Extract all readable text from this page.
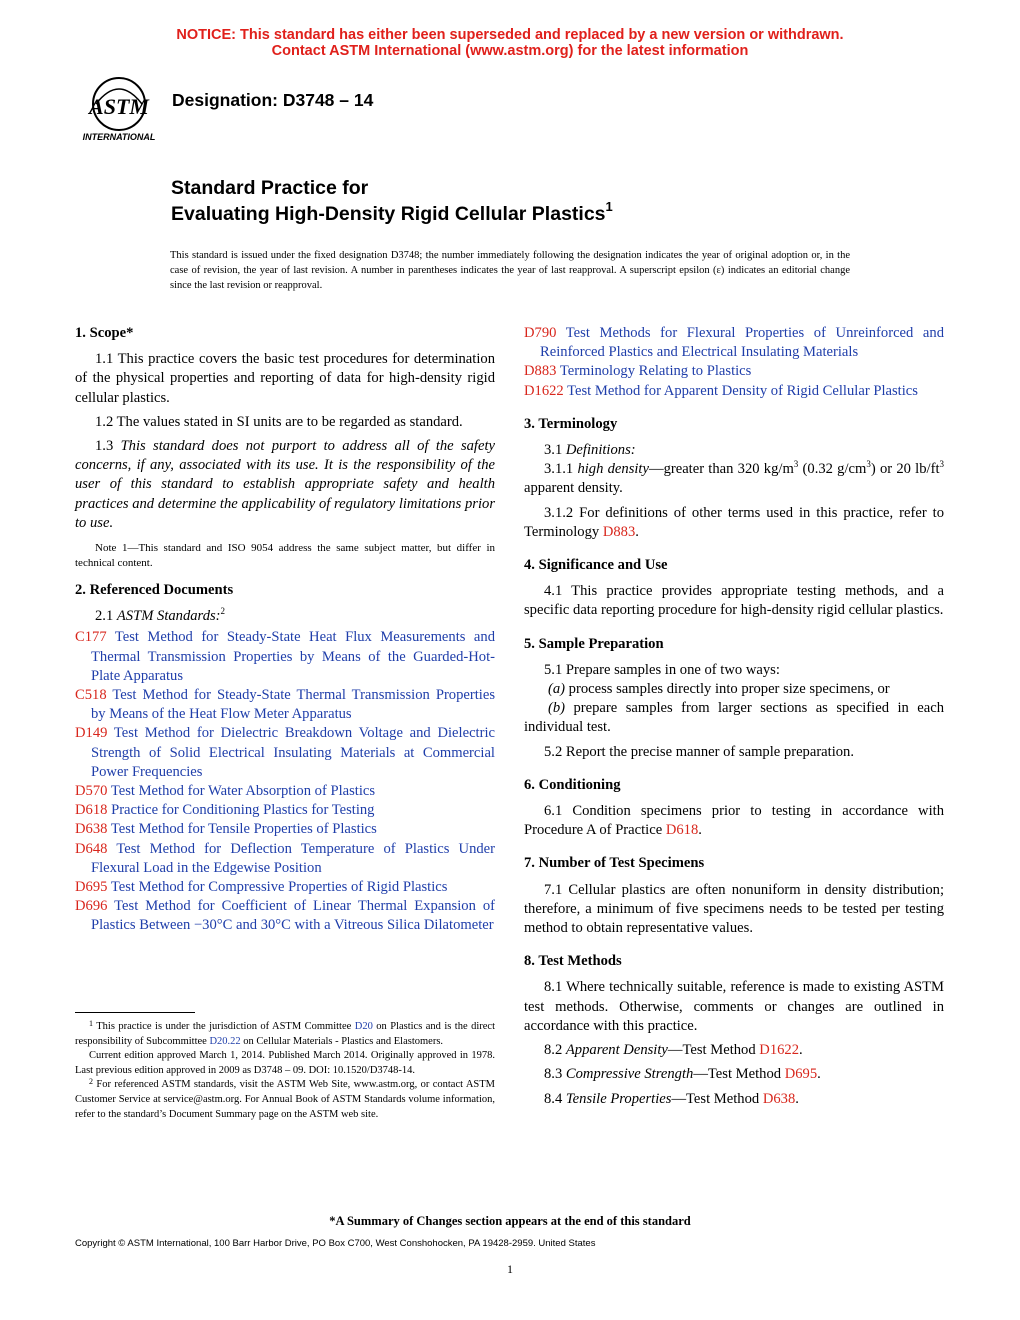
NOTICE: This standard has either been superseded and replaced by a new version or withdrawn.
Contact ASTM International (www.astm.org) for the latest information
ASTM
INTERNATIONAL
Designation: D3748 – 14
Standard Practice for
Evaluating High-Density Rigid Cellular Plastics$^1$
This standard is issued under the fixed designation D3748; the number immediately following the designation indicates the year of original adoption or, in the case of revision, the year of last revision. A number in parentheses indicates the year of last reapproval. A superscript epsilon (ε) indicates an editorial change since the last revision or reapproval.
1. Scope*
1.1 This practice covers the basic test procedures for determination of the physical properties and reporting of data for high-density rigid cellular plastics.
1.2 The values stated in SI units are to be regarded as standard.
1.3 This standard does not purport to address all of the safety concerns, if any, associated with its use. It is the responsibility of the user of this standard to establish appropriate safety and health practices and determine the applicability of regulatory limitations prior to use.
Note 1—This standard and ISO 9054 address the same subject matter, but differ in technical content.
2. Referenced Documents
2.1 ASTM Standards:$^2$
C177 Test Method for Steady-State Heat Flux Measurements and Thermal Transmission Properties by Means of the Guarded-Hot-Plate Apparatus
C518 Test Method for Steady-State Thermal Transmission Properties by Means of the Heat Flow Meter Apparatus
D149 Test Method for Dielectric Breakdown Voltage and Dielectric Strength of Solid Electrical Insulating Materials at Commercial Power Frequencies
D570 Test Method for Water Absorption of Plastics
D618 Practice for Conditioning Plastics for Testing
D638 Test Method for Tensile Properties of Plastics
D648 Test Method for Deflection Temperature of Plastics Under Flexural Load in the Edgewise Position
D695 Test Method for Compressive Properties of Rigid Plastics
D696 Test Method for Coefficient of Linear Thermal Expansion of Plastics Between −30°C and 30°C with a Vitreous Silica Dilatometer
$^1$ This practice is under the jurisdiction of ASTM Committee D20 on Plastics and is the direct responsibility of Subcommittee D20.22 on Cellular Materials - Plastics and Elastomers.
Current edition approved March 1, 2014. Published March 2014. Originally approved in 1978. Last previous edition approved in 2009 as D3748 – 09. DOI: 10.1520/D3748-14.
$^2$ For referenced ASTM standards, visit the ASTM Web Site, www.astm.org, or contact ASTM Customer Service at service@astm.org. For Annual Book of ASTM Standards volume information, refer to the standard’s Document Summary page on the ASTM web site.
D790 Test Methods for Flexural Properties of Unreinforced and Reinforced Plastics and Electrical Insulating Materials
D883 Terminology Relating to Plastics
D1622 Test Method for Apparent Density of Rigid Cellular Plastics
3. Terminology
3.1 Definitions:
3.1.1 high density—greater than 320 $kg/m^3$ (0.32 $g/cm^3$) or 20 $lb/ft^3$ apparent density.
3.1.2 For definitions of other terms used in this practice, refer to Terminology D883.
4. Significance and Use
4.1 This practice provides appropriate testing methods, and a specific data reporting procedure for high-density rigid cellular plastics.
5. Sample Preparation
5.1 Prepare samples in one of two ways:
(a) process samples directly into proper size specimens, or
(b) prepare samples from larger sections as specified in each individual test.
5.2 Report the precise manner of sample preparation.
6. Conditioning
6.1 Condition specimens prior to testing in accordance with Procedure A of Practice D618.
7. Number of Test Specimens
7.1 Cellular plastics are often nonuniform in density distribution; therefore, a minimum of five specimens needs to be tested per testing method to obtain representative values.
8. Test Methods
8.1 Where technically suitable, reference is made to existing ASTM test methods. Otherwise, comments or changes are outlined in accordance with this practice.
8.2 Apparent Density—Test Method D1622.
8.3 Compressive Strength—Test Method D695.
8.4 Tensile Properties—Test Method D638.
*A Summary of Changes section appears at the end of this standard
Copyright © ASTM International, 100 Barr Harbor Drive, PO Box C700, West Conshohocken, PA 19428-2959. United States
1
